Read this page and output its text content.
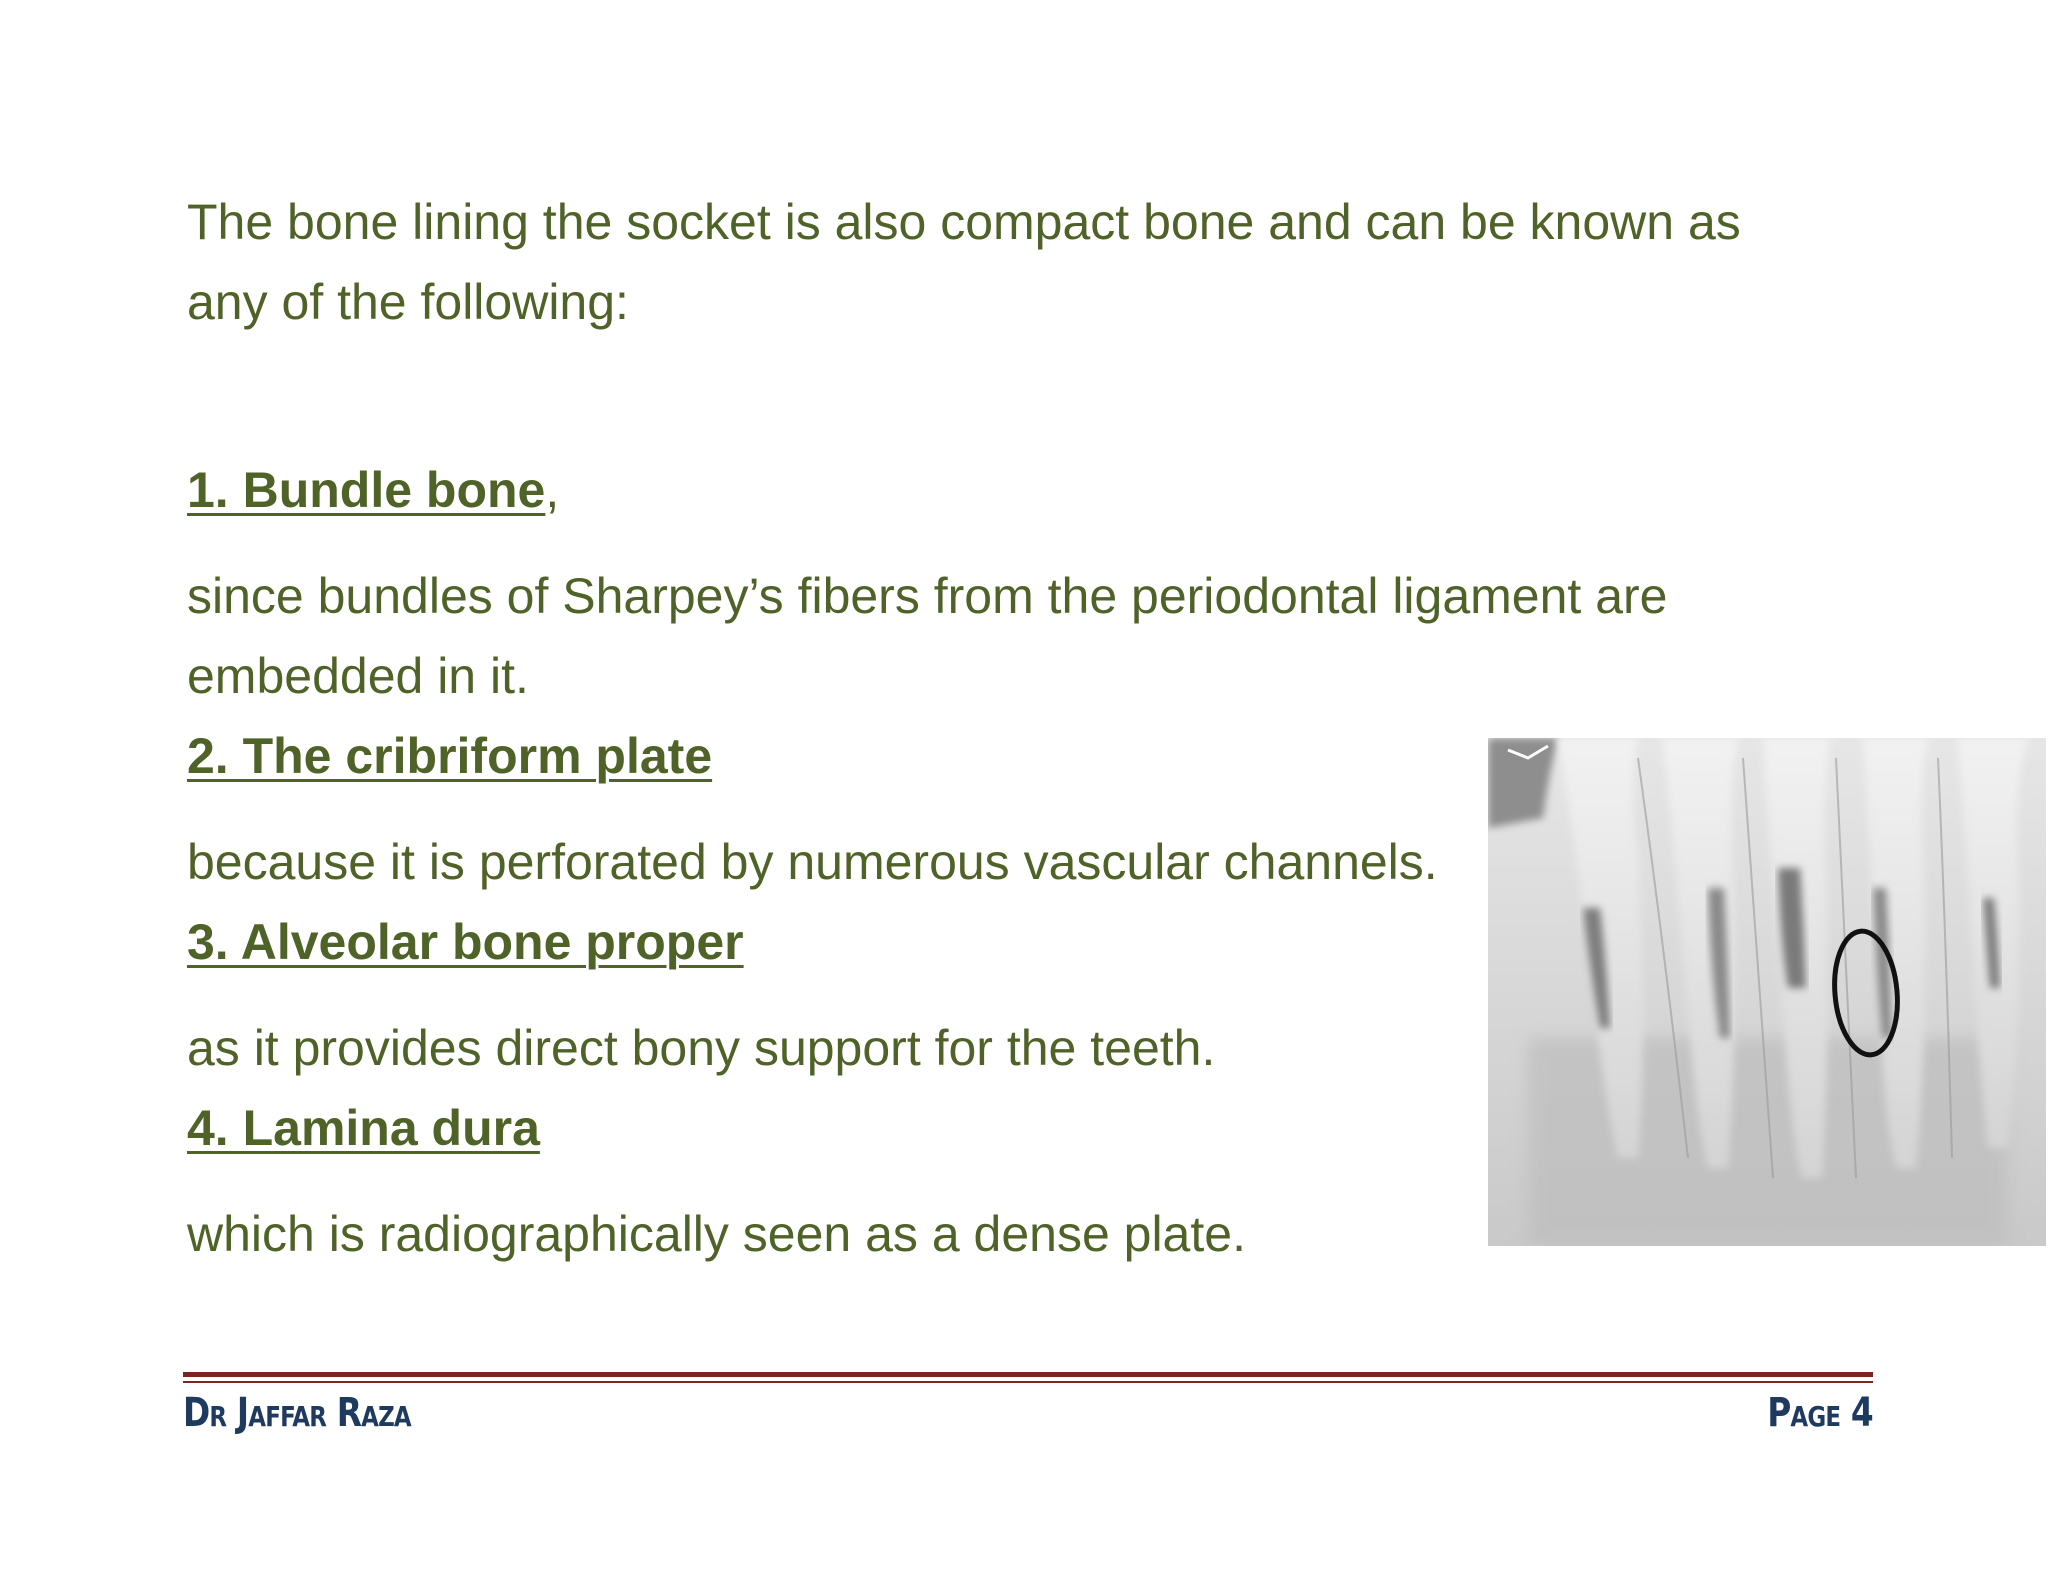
The bone lining the socket is also compact bone and can be known as
any of the following:
1. Bundle bone,
since bundles of Sharpey’s fibers from the periodontal ligament are
embedded in it.
2. The cribriform plate
because it is perforated by numerous vascular channels.
3. Alveolar bone proper
as it provides direct bony support for the teeth.
4. Lamina dura
which is radiographically seen as a dense plate.
Dr Jaffar Raza	Page 4
